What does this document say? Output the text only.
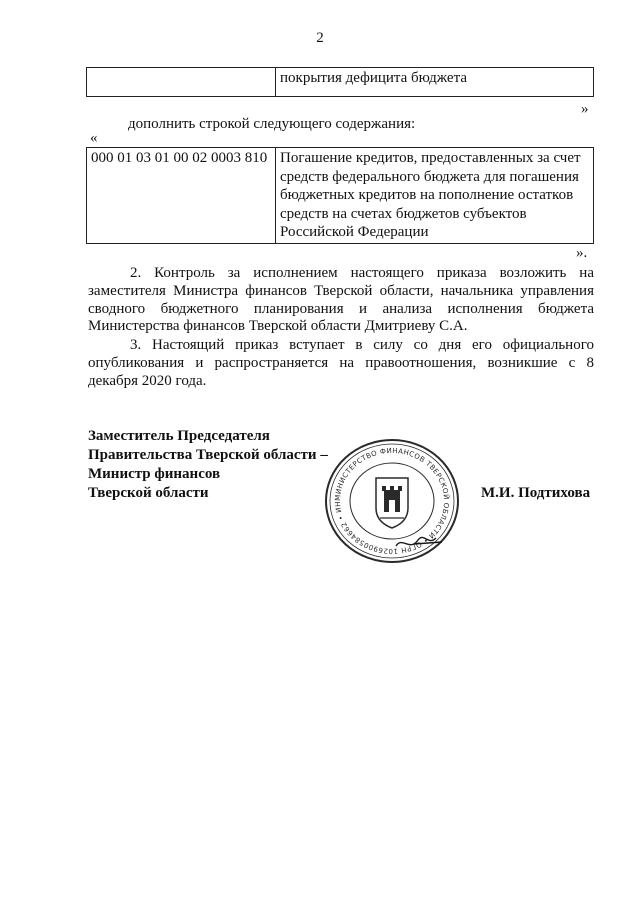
2
	покрытия дефицита бюджета
»
дополнить строкой следующего содержания:
«
000 01 03 01 00 02 0003 810	Погашение кредитов, предоставленных за счет
средств федерального бюджета для погашения
бюджетных кредитов на пополнение остатков
средств на счетах бюджетов субъектов
Российской Федерации
».

2. Контроль за исполнением настоящего приказа возложить на заместителя Министра финансов Тверской области, начальника управления сводного бюджетного планирования и анализа исполнения бюджета Министерства финансов Тверской области Дмитриеву С.А.

3. Настоящий приказ вступает в силу со дня его официального опубликования и распространяется на правоотношения, возникшие с 8 декабря 2020 года.

Заместитель Председателя
Правительства Тверской области –
Министр финансов
Тверской области	М.И. Подтихова
МИНИСТЕРСТВО ФИНАНСОВ ТВЕРСКОЙ ОБЛАСТИ • ОГРН 1026900584662 • ИН
